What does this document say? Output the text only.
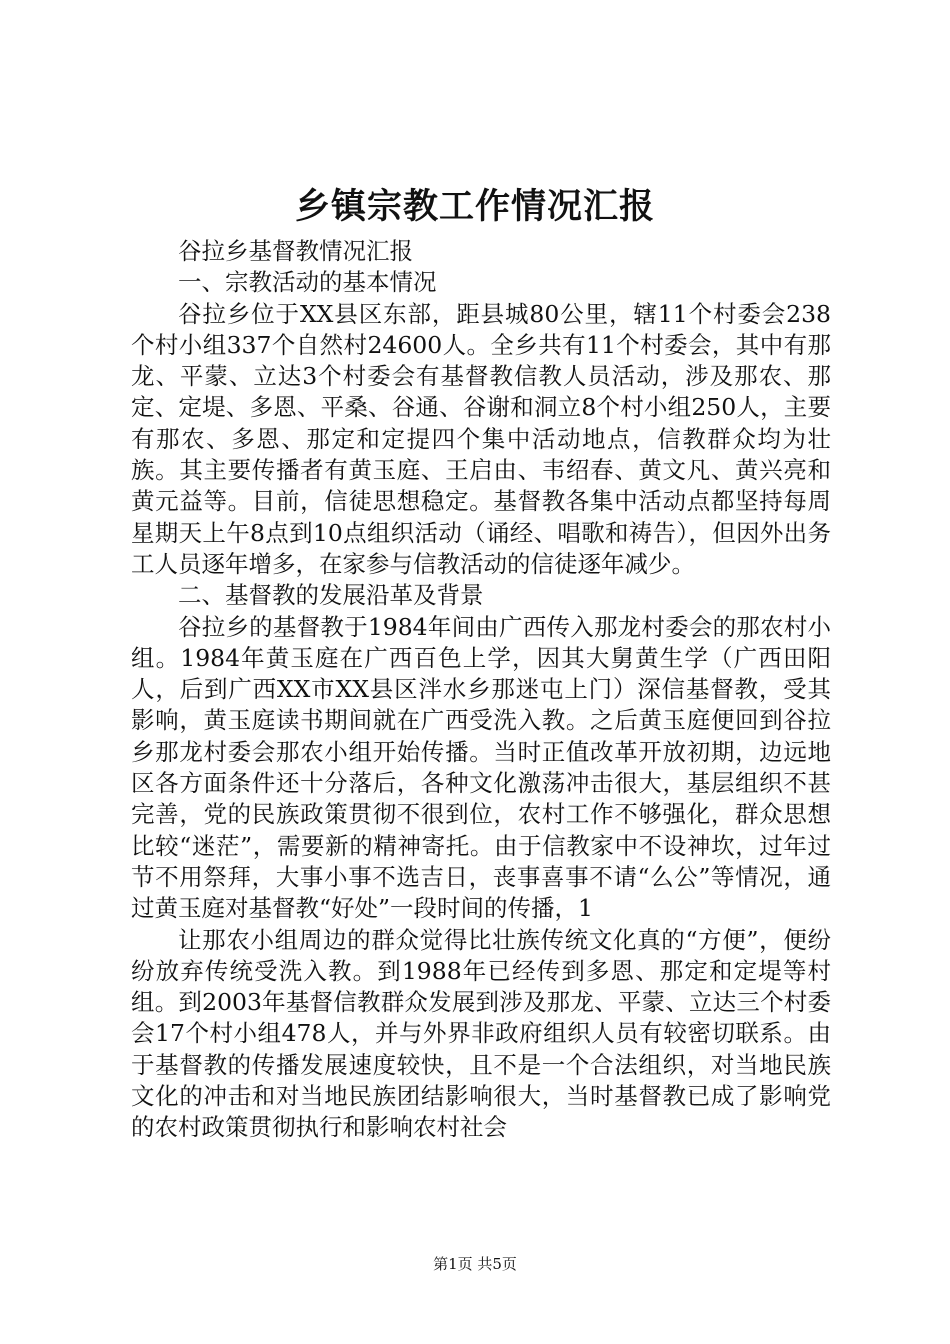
乡镇宗教工作情况汇报

谷拉乡基督教情况汇报

一、宗教活动的基本情况

谷拉乡位于XX县区东部，距县城80公里，辖11个村委会238个村小组337个自然村24600人。全乡共有11个村委会，其中有那龙、平蒙、立达3个村委会有基督教信教人员活动，涉及那农、那定、定堤、多恩、平桑、谷通、谷谢和洞立8个村小组250人，主要有那农、多恩、那定和定提四个集中活动地点，信教群众均为壮族。其主要传播者有黄玉庭、王启由、韦绍春、黄文凡、黄兴亮和黄元益等。目前，信徒思想稳定。基督教各集中活动点都坚持每周星期天上午8点到10点组织活动（诵经、唱歌和祷告），但因外出务工人员逐年增多，在家参与信教活动的信徒逐年减少。

二、基督教的发展沿革及背景

谷拉乡的基督教于1984年间由广西传入那龙村委会的那农村小组。1984年黄玉庭在广西百色上学，因其大舅黄生学（广西田阳人，后到广西XX市XX县区泮水乡那迷屯上门）深信基督教，受其影响，黄玉庭读书期间就在广西受洗入教。之后黄玉庭便回到谷拉乡那龙村委会那农小组开始传播。当时正值改革开放初期，边远地区各方面条件还十分落后，各种文化激荡冲击很大，基层组织不甚完善，党的民族政策贯彻不很到位，农村工作不够强化，群众思想比较“迷茫”，需要新的精神寄托。由于信教家中不设神坎，过年过节不用祭拜，大事小事不选吉日，丧事喜事不请“么公”等情况，通过黄玉庭对基督教“好处”一段时间的传播，1

让那农小组周边的群众觉得比壮族传统文化真的“方便”，便纷纷放弃传统受洗入教。到1988年已经传到多恩、那定和定堤等村组。到2003年基督信教群众发展到涉及那龙、平蒙、立达三个村委会17个村小组478人，并与外界非政府组织人员有较密切联系。由于基督教的传播发展速度较快，且不是一个合法组织，对当地民族文化的冲击和对当地民族团结影响很大，当时基督教已成了影响党的农村政策贯彻执行和影响农村社会

第1页 共5页
